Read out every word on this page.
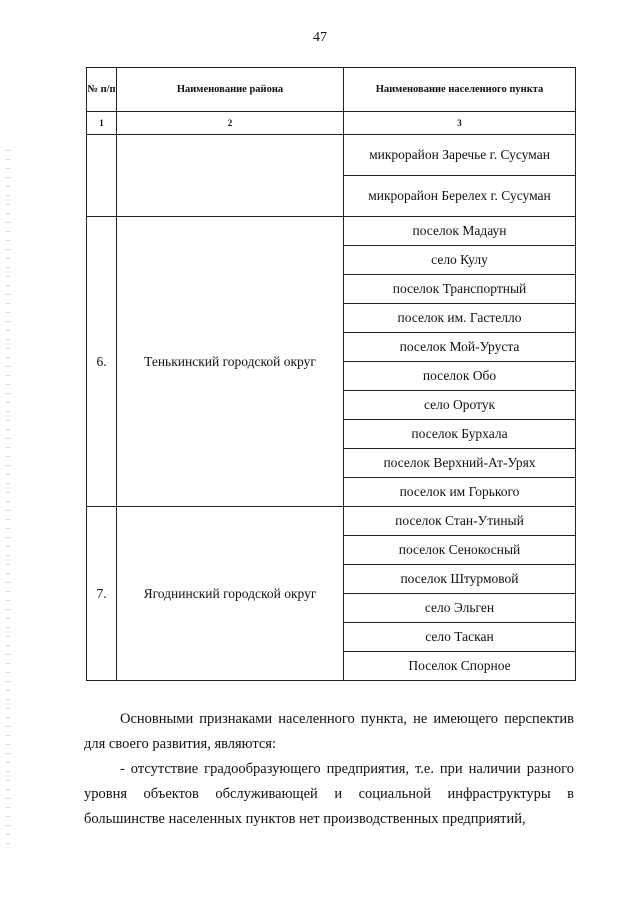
47
№ п/п	Наименование района	Наименование населенного пункта
1	2	3
		микрорайон Заречье г. Сусуман
		микрорайон Берелех г. Сусуман
6.	Тенькинский городской округ	поселок Мадаун
		село Кулу
		поселок Транспортный
		поселок им. Гастелло
		поселок Мой-Уруста
		поселок Обо
		село Оротук
		поселок Бурхала
		поселок Верхний-Ат-Урях
		поселок им Горького
7.	Ягоднинский городской округ	поселок Стан-Утиный
		поселок Сенокосный
		поселок Штурмовой
		село Эльген
		село Таскан
		Поселок Спорное

Основными признаками населенного пункта, не имеющего перспектив для своего развития, являются:

- отсутствие градообразующего предприятия, т.е. при наличии разного уровня объектов обслуживающей и социальной инфраструктуры в большинстве населенных пунктов нет производственных предприятий,
